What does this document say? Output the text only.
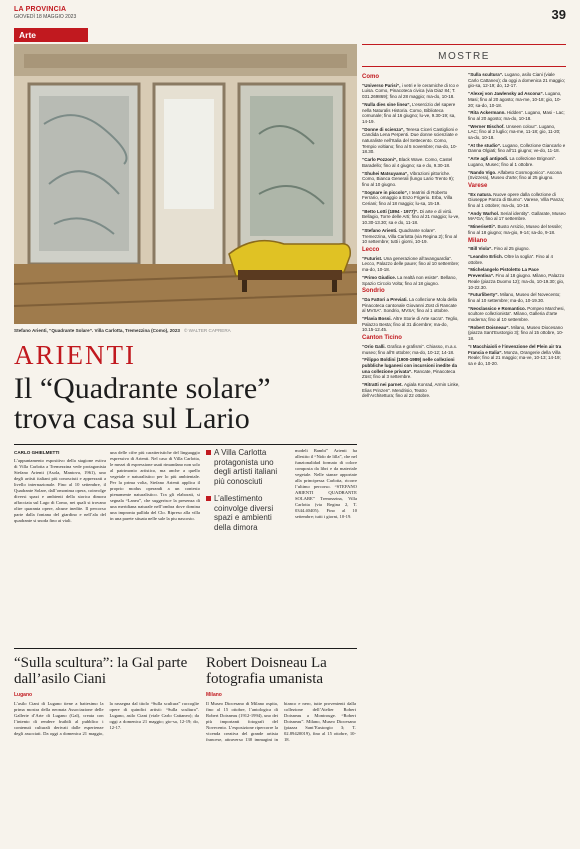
LA PROVINCIA
GIOVEDÌ 18 MAGGIO 2023	39
Arte
Stefano Arienti, “Quadrante Solare”. Villa Carlotta, Tremezzina (Como), 2023 © WALTER CAPRERA
ARIENTI
Il “Quadrante solare”
trova casa sul Lario
CARLO GHIELMETTI

L’appuntamento espositivo della stagione estiva di Villa Carlotta a Tremezzina vede protagonista Stefano Arienti (Asola, Mantova, 1961), uno degli artisti italiani più conosciuti e apprezzati a livello internazionale. Fino al 10 settembre, il Quadrante Solare, dall’omonima opera, coinvolge diversi spazi e ambienti della storica dimora affacciata sul Lago di Como, nei quali si trovano oltre quaranta opere, alcune inedite. Il percorso parte dalla fontana del giardino e nell’ala del quadrante si snoda fino ai viali.

una delle cifre più caratteristiche del linguaggio espressivo di Arienti. Nel caso di Villa Carlotta, le mezzi di espressione usati rimandano non solo al patrimonio artistico, ma anche a quello vegetale e naturalistico per lo più ambientale. Per la prima volta, Stefano Arienti applica il proprio modus operandi a un contesto pienamente naturalistico. Tra gli elaborati, si segnala “Lanea”, che suggerisce la presenza di una meridiana naturale nell’ombra dove domina una impronta pallida del Clo. Ripreso alla villa in una parete situata nelle sale la piu nascosto.

A Villa Carlotta protagonista uno degli artisti italiani più conosciuti
L’allestimento coinvolge diversi spazi e ambienti della dimora

modeli Bambi” Arienti ha allestito il “Nido de lilla”, che nel funzionalidad formato di colore composta da libri e da materiale vegetale. Nelle stanze apportate alla principessa Carlotta, ricorre l’ultimo percorso. “STEFANO ARIENTI QUADRANTE SOLARE” Tremezzina, Villa Carlotta (via Regina 2, T. 0344.40405). Fino al 10 settembre; tutti i giorni, 10-19.

“Sulla scultura”: la Gal parte dall’asilo Ciani
Lugano

L’asilo Ciani di Lugano tiene a battesimo la prima mostra della neonata Associazione delle Gallerie d’Arte di Lugano (Gal), creata con l’intento di rendere fruibili al pubblico i contenuti culturali derivati dalle esperienze degli associati. Da oggi a domenica 21 maggio, la rassegna dal titolo “Sulla scultura” raccoglie opere di quindici artisti: “Sulla scultura”. Lugano, asilo Ciani (viale Carlo Cattaneo); da oggi a domenica 21 maggio; gio-sa, 12-19; do, 12-17.

Robert Doisneau La fotografia umanista
Milano

Il Museo Diocesano di Milano ospita, fino al 15 ottobre, l’antologica di Robert Doisneau (1912-1994), uno dei più importanti fotografi del Novecento. L’esposizione ripercorre la vicenda creativa del grande artista francese, attraverso 130 immagini in bianco e nero, tutte provenienti dalla collezione dell’Atelier Robert Doisneau a Montrouge. “Robert Doisneau”. Milano, Museo Diocesano (piazza Sant’Eustorgio 3; T. 02.89420019), fino al 15 ottobre, 10-18.

MOSTRE
Como
“Universo Parisi”, i vetri e le ceramiche di Ico e Luisa. Como, Pinacoteca civica (via Diaz 84; T. 031.269869); fino al 28 maggio; ma-do, 10-18.
“Nulla dies sine linea”, L’esercizio del sapere nella Naturalis Historia. Como, Biblioteca comunale; fino al 16 giugno; lu-ve, 9.30-19; sa, 14-19.
“Donne di scienza”, Teresa Ciceri Castiglioni e Candida Lena Perpenti. Due donne scienziate e naturaliste nell’Italia del Settecento. Como, Tempio voltiano; fino al 5 novembre; ma-do, 10-18.30.
“Carlo Pozzoni”, Black Wave. Como, Castel Baradello; fino al 4 giugno; sa e do, 9.30-18.
“Shuhei Matsuyama”, Vibrazioni pittoriche. Como, Bianca Generali (lungo Lario Trento 9); fino al 10 giugno.
“Sognare in piccolo”, I teatrini di Roberto Ferrario, omaggio a Enzo Frigerio. Erba, Villa Ceriani; fino al 18 maggio; lu-sa, 15-19.
“Betto Lotti (1894 - 1977)”. Di arte e di virtù. Bellagio, Torre delle Arti; fino al 21 maggio; lu-ve, 10.30-13.30; sa e do, 11-18.
“Stefano Arienti. Quadrante solare”. Tremezzina, Villa Carlotta (via Regina 2); fino al 10 settembre; tutti i giorni, 10-19.
Lecco
“Futurist. Una generazione all’avanguardia”. Lecco, Palazzo delle paure; fino al 10 settembre; ma-do, 10-18.
“Primo Giudice. La realtà non esiste”. Bellano, Spazio Circolo Volta; fino al 18 giugno.
Sondrio
“Da Fattori a Previati. La collezione Mola della Pinacoteca cantonale Giovanni Züst di Rancate al MVSA”. Sondrio, MVSA; fino al 1 ottobre.
“Flavia Bossi. Altre Storie di Arte sacra”. Teglio, Palazzo Besta; fino al 31 dicembre; ma-do, 10.15-12.45.
Canton Ticino
“Orio Galli. Grafica e grafismi”. Chiasso, m.a.x. museo; fino all’8 ottobre; ma-do, 10-12; 14-18.
“Filippo Boldini (1900-1989) nelle collezioni pubbliche luganesi con incursioni inedite da una collezione privata”. Rancate, Pinacoteca Züst; fino al 3 settembre.
“Ritratti nei parnet. Agiala Konrad, Armin Linke, Elias Prinzen”. Mendrisio, Teatro dell’Architettura; fino al 22 ottobre.
“Sulla scultura”. Lugano, asilo Ciani (viale Carlo Cattaneo); da oggi a domenica 21 maggio; gio-sa, 12-19; do, 12-17.
“Alexej von Jawlensky ad Ascona”. Lugano, Masi; fino al 20 agosto; ma-me, 10-18; gio, 10-20; sa-do, 10-18.
“Rita Ackermann. Hidden”. Lugano, Masi - Lac; fino al 20 agosto; ma-do, 10-18.
“Werner Bischof. Unseen colour”. Lugano, LAC; fino al 2 luglio; ma-me, 11-18; gio, 11-20; sa-do, 10-18.
“At the studio”. Lugano, Collezione Giancarlo e Danna Olgiati; fino all’11 giugno; ve-do, 11-18.
“Arte agli antipodi. La collezione Brignoni”. Lugano, Musec; fino al 1 ottobre.
“Nando Vigo. Alfabeto Cosmogonico”. Ascona (Svizzera), Museo d’arte; fino al 25 giugno.
Varese
“Ex natura. Nuove opere dalla collezione di Giuseppe Panza di Biumo”. Varese, Villa Panza; fino al 1 ottobre; ma-do, 10-18.
“Andy Warhol. Serial identity”. Gallarate, Museo MA*GA; fino al 17 settembre.
“Minerisetti”. Busto Arsizio, Museo del tessile; fino al 18 giugno; ma-gio, 9-14; sa-do, 9-18.
Milano
“Bill Viola”. Fino al 25 giugno.
“Leandro Erlich. Oltre la soglia”. Fino al 4 ottobre.
“Michelangelo Pistoletto La Pace Preventiva”. Fino al 18 giugno. Milano, Palazzo Reale (piazza Duomo 12); ma-do, 10-19.30; gio, 10-22.30.
“Futurliberty”. Milano, Museo del Novecento; fino al 10 settembre; ma-do, 10-19.30.
“Neoclassico e Romantico. Pompeo Marchesi, scultore collezionista”. Milano, Galleria d’arte moderna; fino al 10 settembre.
“Robert Doisneau”. Milano, Museo Diocesano (piazza Sant’Eustorgio 3); fino al 15 ottobre, 10-18.
“I Macchiaioli e l’invenzione del Plein air tra Francia e Italia”. Monza, Orangerie della Villa Reale; fino al 21 maggio; ma-ve, 10-13; 14-19; sa e do, 10-20.
